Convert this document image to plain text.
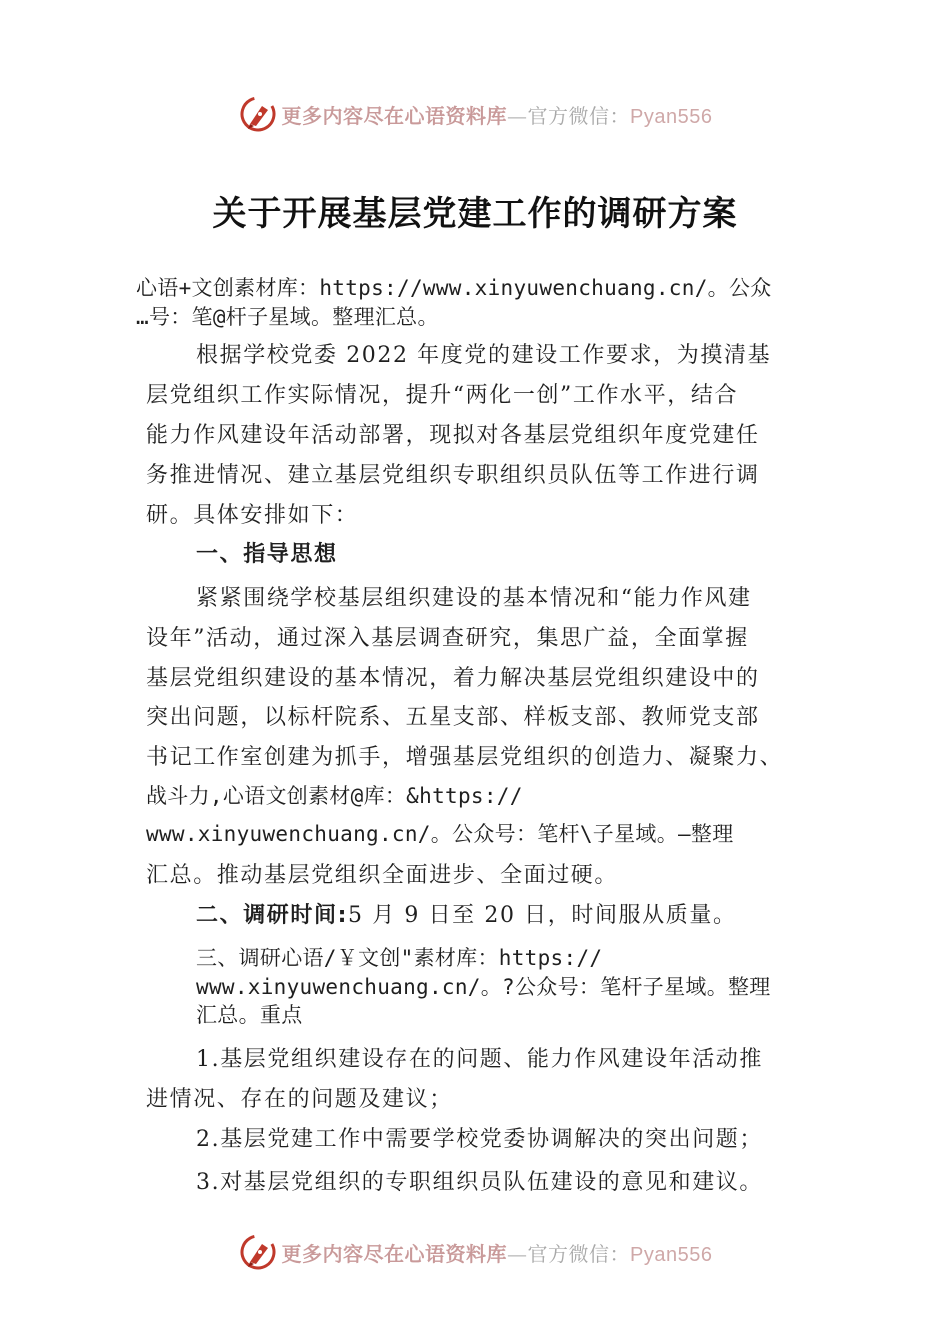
更多内容尽在心语资料库—官方微信：Pyan556
关于开展基层党建工作的调研方案
心语+文创素材库：https://www.xinyuwenchuang.cn/。公众
…号：笔@杆子星域。整理汇总。
根据学校党委 2022 年度党的建设工作要求，为摸清基
层党组织工作实际情况，提升“两化一创”工作水平，结合
能力作风建设年活动部署，现拟对各基层党组织年度党建任
务推进情况、建立基层党组织专职组织员队伍等工作进行调
研。具体安排如下：
一、指导思想
紧紧围绕学校基层组织建设的基本情况和“能力作风建
设年”活动，通过深入基层调查研究，集思广益，全面掌握
基层党组织建设的基本情况，着力解决基层党组织建设中的
突出问题，以标杆院系、五星支部、样板支部、教师党支部
书记工作室创建为抓手，增强基层党组织的创造力、凝聚力、
战斗力,心语文创素材@库：&https://
www.xinyuwenchuang.cn/。公众号：笔杆\子星域。—整理
汇总。推动基层党组织全面进步、全面过硬。
二、调研时间:5 月 9 日至 20 日，时间服从质量。
三、调研心语/￥文创"素材库：https://
www.xinyuwenchuang.cn/。?公众号：笔杆子星域。整理
汇总。重点
1.基层党组织建设存在的问题、能力作风建设年活动推
进情况、存在的问题及建议；
2.基层党建工作中需要学校党委协调解决的突出问题；
3.对基层党组织的专职组织员队伍建设的意见和建议。
更多内容尽在心语资料库—官方微信：Pyan556
